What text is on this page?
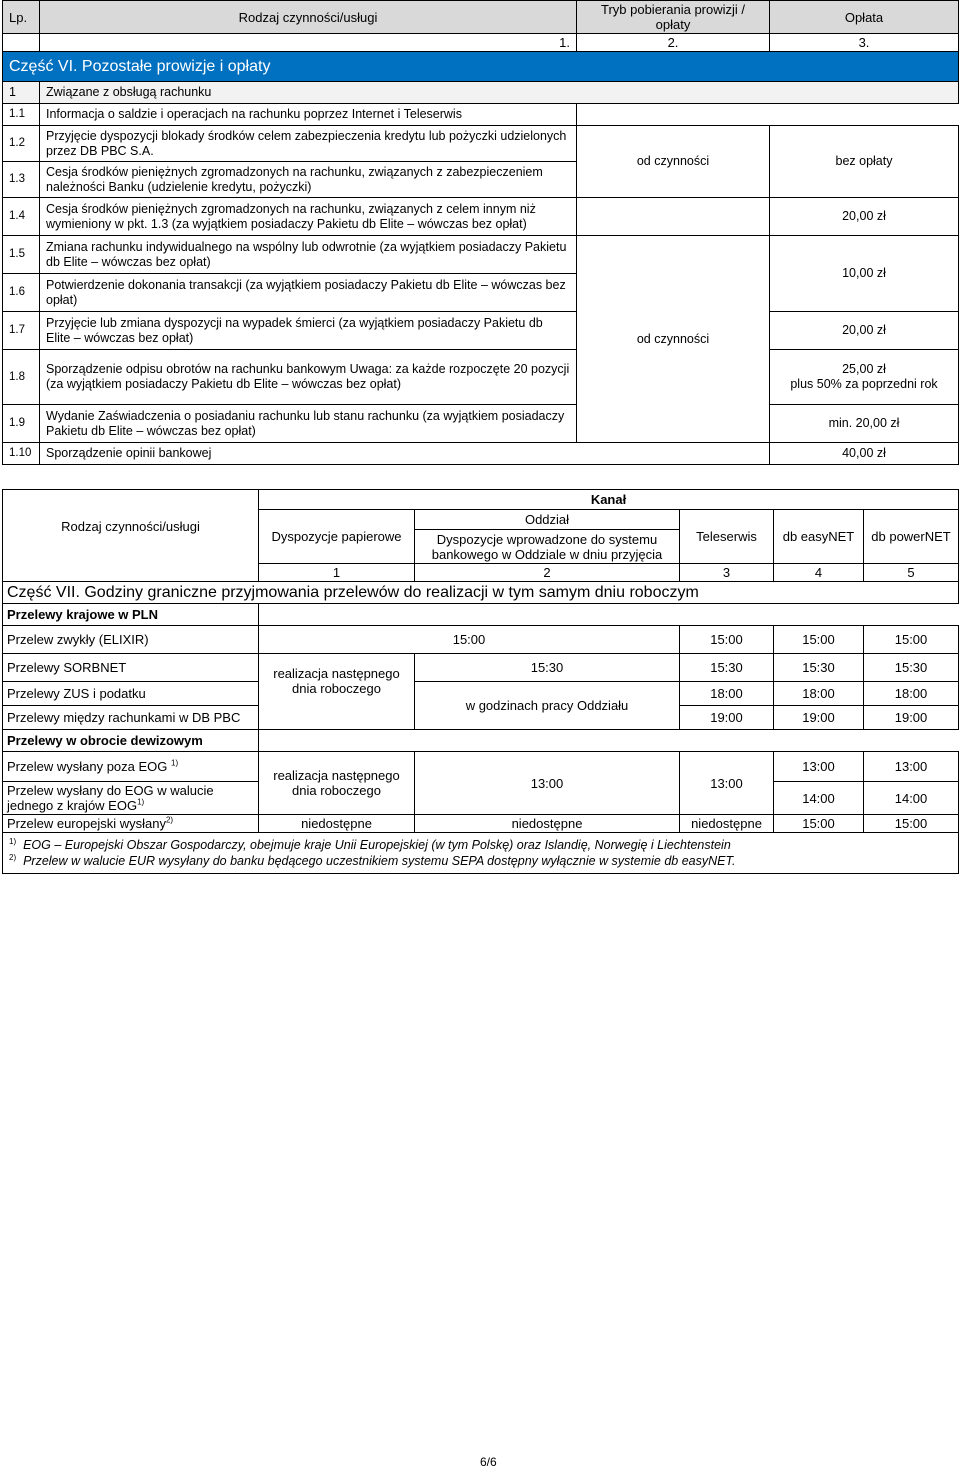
Lp.	Rodzaj czynności/usługi	Tryb pobierania prowizji / opłaty	Opłata
	1.	2.	3.
Część VI. Pozostałe prowizje i opłaty			
1	Związane z obsługą rachunku		
1.1	Informacja o saldzie i operacjach na rachunku poprzez Internet i Teleserwis		
1.2	Przyjęcie dyspozycji blokady środków celem zabezpieczenia kredytu lub pożyczki udzielonych przez DB PBC S.A.	od czynności	bez opłaty
1.3	Cesja środków pieniężnych zgromadzonych na rachunku, związanych z zabezpieczeniem należności Banku (udzielenie kredytu, pożyczki)		
1.4	Cesja środków pieniężnych zgromadzonych na rachunku, związanych z celem innym niż wymieniony w pkt. 1.3 (za wyjątkiem posiadaczy Pakietu db Elite – wówczas bez opłat)		20,00 zł
1.5	Zmiana rachunku indywidualnego na wspólny lub odwrotnie (za wyjątkiem posiadaczy Pakietu db Elite – wówczas bez opłat)	od czynności	10,00 zł
1.6	Potwierdzenie dokonania transakcji (za wyjątkiem posiadaczy Pakietu db Elite – wówczas bez opłat)		
1.7	Przyjęcie lub zmiana dyspozycji na wypadek śmierci (za wyjątkiem posiadaczy Pakietu db Elite – wówczas bez opłat)		20,00 zł
1.8	Sporządzenie odpisu obrotów na rachunku bankowym Uwaga: za każde rozpoczęte 20 pozycji (za wyjątkiem posiadaczy Pakietu db Elite – wówczas bez opłat)		25,00 zł
plus 50% za poprzedni rok

1.9	Wydanie Zaświadczenia o posiadaniu rachunku lub stanu rachunku (za wyjątkiem posiadaczy Pakietu db Elite – wówczas bez opłat)		min. 20,00 zł
1.10	Sporządzenie opinii bankowej		40,00 zł
Rodzaj czynności/usługi	Kanał				
	Dyspozycje papierowe	Oddział	Teleserwis	db easyNET	db powerNET
		Dyspozycje wprowadzone do systemu bankowego w Oddziale w dniu przyjęcia			
	1	2	3	4	5
Część VII. Godziny graniczne przyjmowania przelewów do realizacji w tym samym dniu roboczym					
Przelewy krajowe w PLN					
Przelew zwykły (ELIXIR)	15:00		15:00	15:00	15:00
Przelewy SORBNET	realizacja następnego dnia roboczego	15:30	15:30	15:30	15:30
Przelewy ZUS i podatku		w godzinach pracy Oddziału	18:00	18:00	18:00
Przelewy między rachunkami w DB PBC			19:00	19:00	19:00
Przelewy w obrocie dewizowym					
Przelew wysłany poza EOG $^{1)}$	realizacja następnego dnia roboczego	13:00	13:00	13:00	13:00
Przelew wysłany do EOG w walucie jednego z krajów EOG$^{1)}$				14:00	14:00
Przelew europejski wysłany$^{2)}$	niedostępne	niedostępne	niedostępne	15:00	15:00

$^{1)}$ EOG – Europejski Obszar Gospodarczy, obejmuje kraje Unii Europejskiej (w tym Polskę) oraz Islandię, Norwegię i Liechtenstein
$^{2)}$ Przelew w walucie EUR wysyłany do banku będącego uczestnikiem systemu SEPA dostępny wyłącznie w systemie db easyNET.					
6/6
